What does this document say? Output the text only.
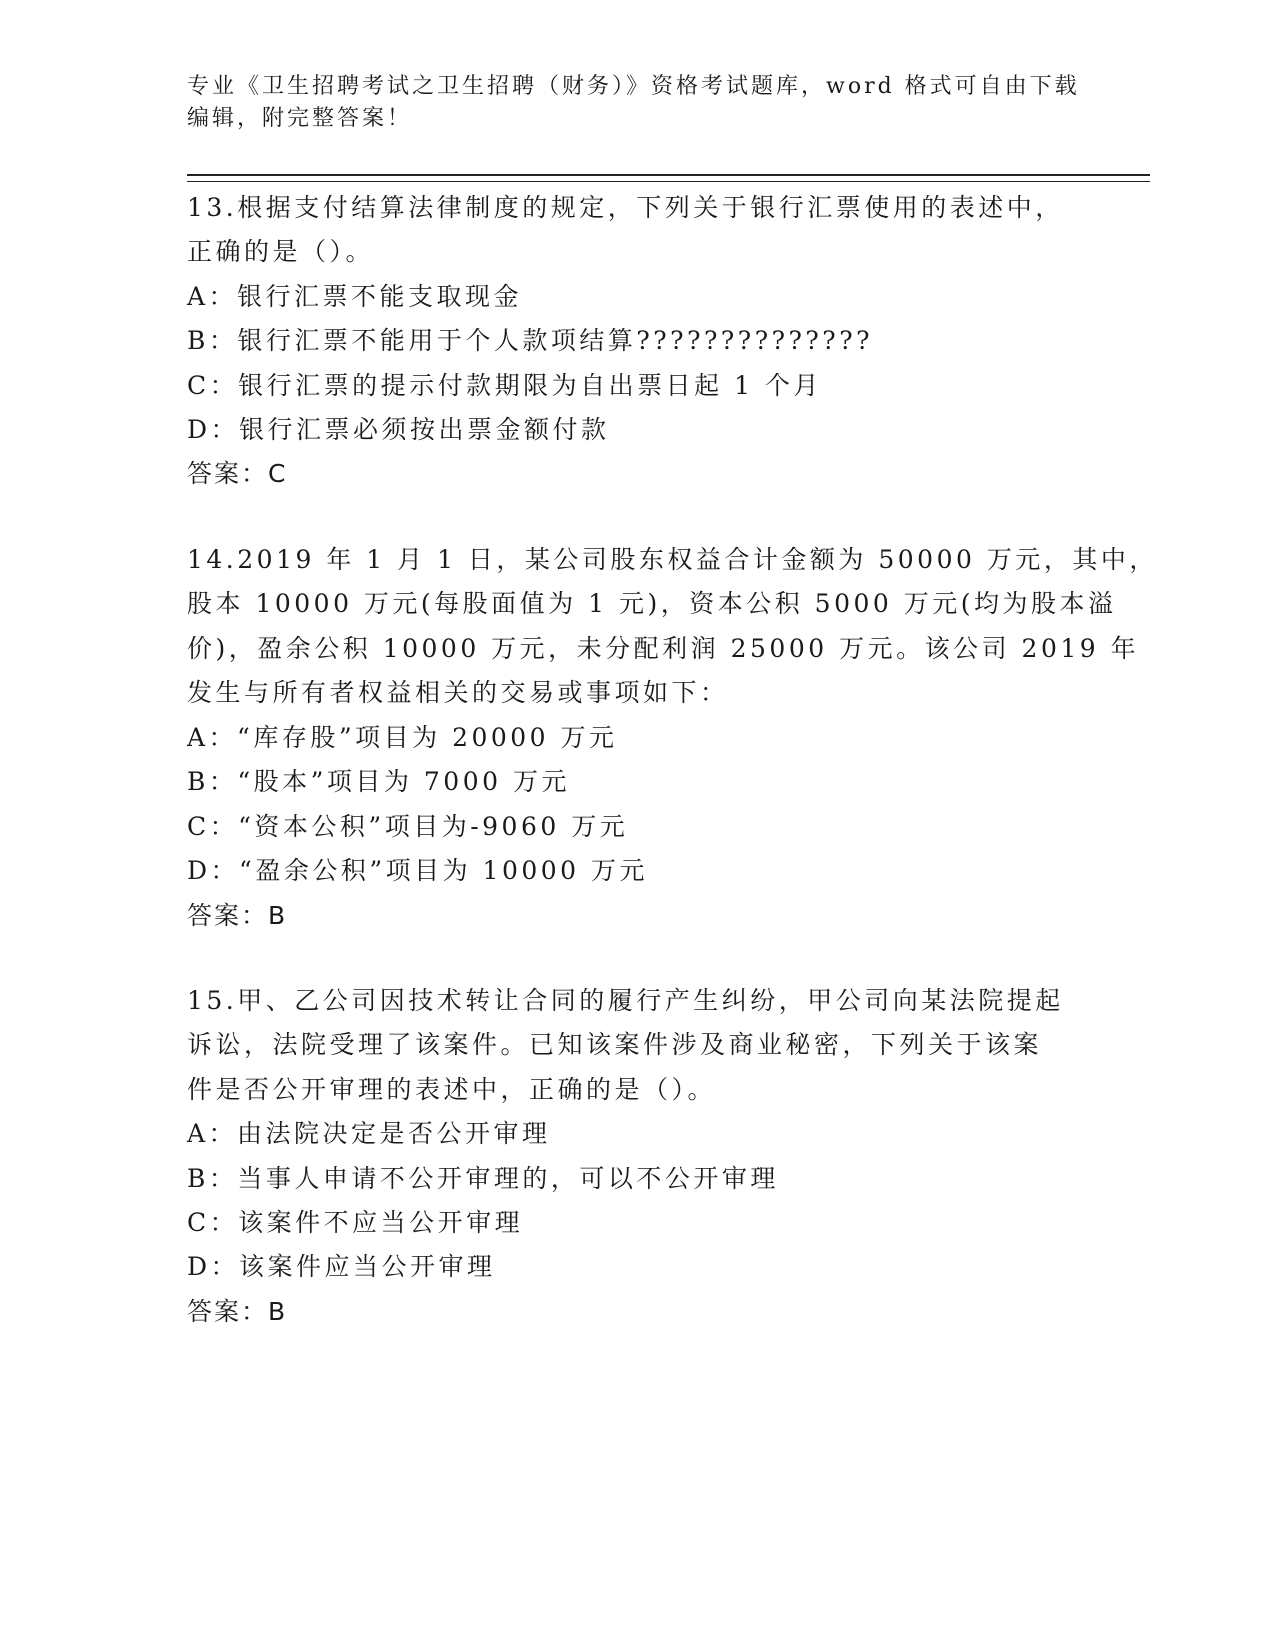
专业《卫生招聘考试之卫生招聘（财务）》资格考试题库，word 格式可自由下载
编辑，附完整答案！
13.根据支付结算法律制度的规定，下列关于银行汇票使用的表述中，
正确的是（）。
A：银行汇票不能支取现金
B：银行汇票不能用于个人款项结算??????????????
C：银行汇票的提示付款期限为自出票日起 1 个月
D：银行汇票必须按出票金额付款
答案：C
14.2019 年 1 月 1 日，某公司股东权益合计金额为 50000 万元，其中，
股本 10000 万元(每股面值为 1 元)，资本公积 5000 万元(均为股本溢
价)，盈余公积 10000 万元，未分配利润 25000 万元。该公司 2019 年
发生与所有者权益相关的交易或事项如下：
A：“库存股”项目为 20000 万元
B：“股本”项目为 7000 万元
C：“资本公积”项目为-9060 万元
D：“盈余公积”项目为 10000 万元
答案：B
15.甲、乙公司因技术转让合同的履行产生纠纷，甲公司向某法院提起
诉讼，法院受理了该案件。已知该案件涉及商业秘密，下列关于该案
件是否公开审理的表述中，正确的是（）。
A：由法院决定是否公开审理
B：当事人申请不公开审理的，可以不公开审理
C：该案件不应当公开审理
D：该案件应当公开审理
答案：B
